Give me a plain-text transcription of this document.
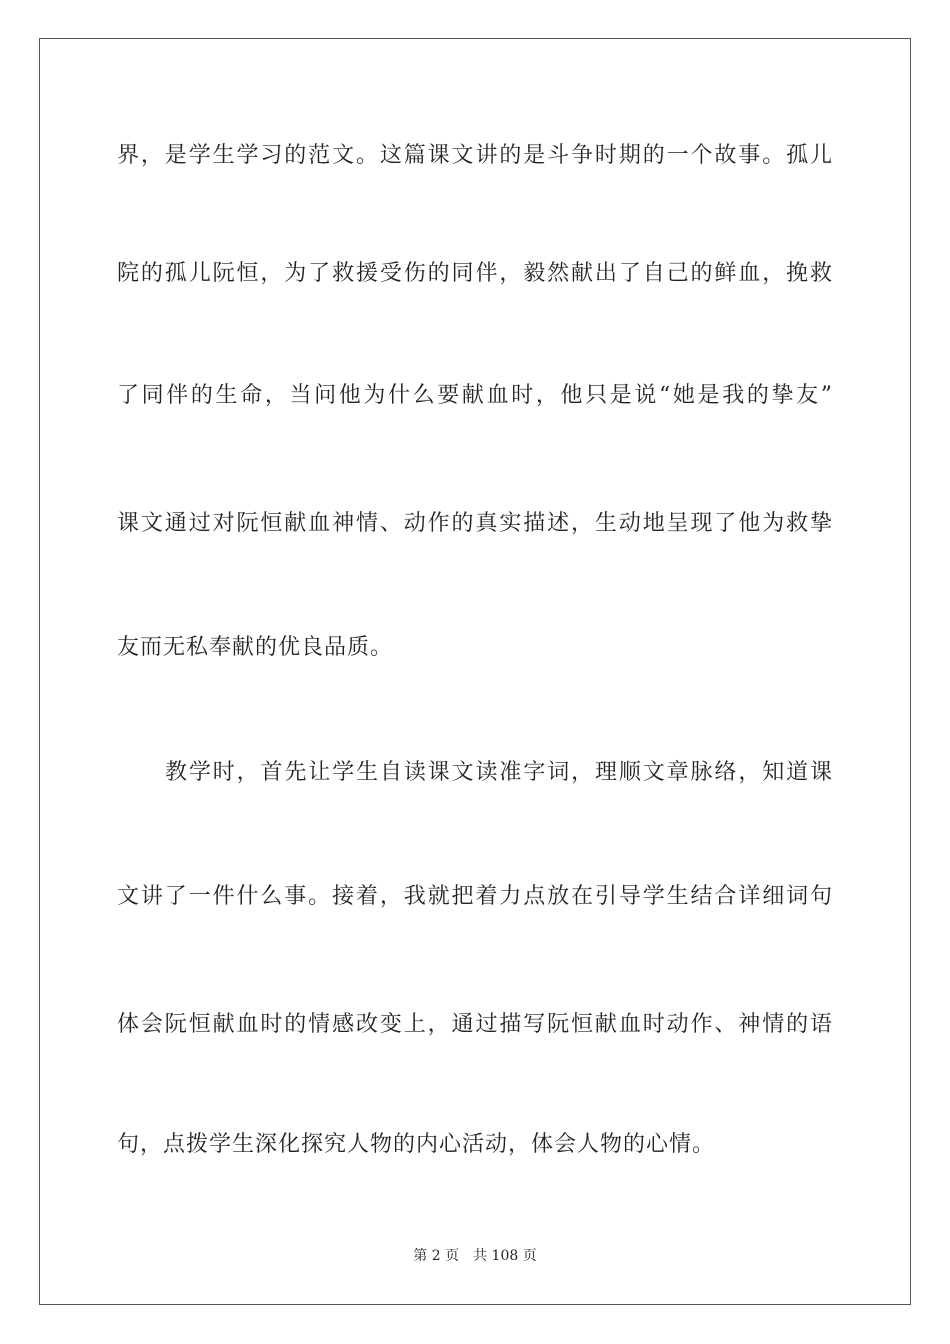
界，是学生学习的范文。这篇课文讲的是斗争时期的一个故事。孤儿
院的孤儿阮恒，为了救援受伤的同伴，毅然献出了自己的鲜血，挽救
了同伴的生命，当问他为什么要献血时，他只是说“她是我的挚友”
课文通过对阮恒献血神情、动作的真实描述，生动地呈现了他为救挚
友而无私奉献的优良品质。
教学时，首先让学生自读课文读准字词，理顺文章脉络，知道课
文讲了一件什么事。接着，我就把着力点放在引导学生结合详细词句
体会阮恒献血时的情感改变上，通过描写阮恒献血时动作、神情的语
句，点拨学生深化探究人物的内心活动，体会人物的心情。
第 2 页 共 108 页
